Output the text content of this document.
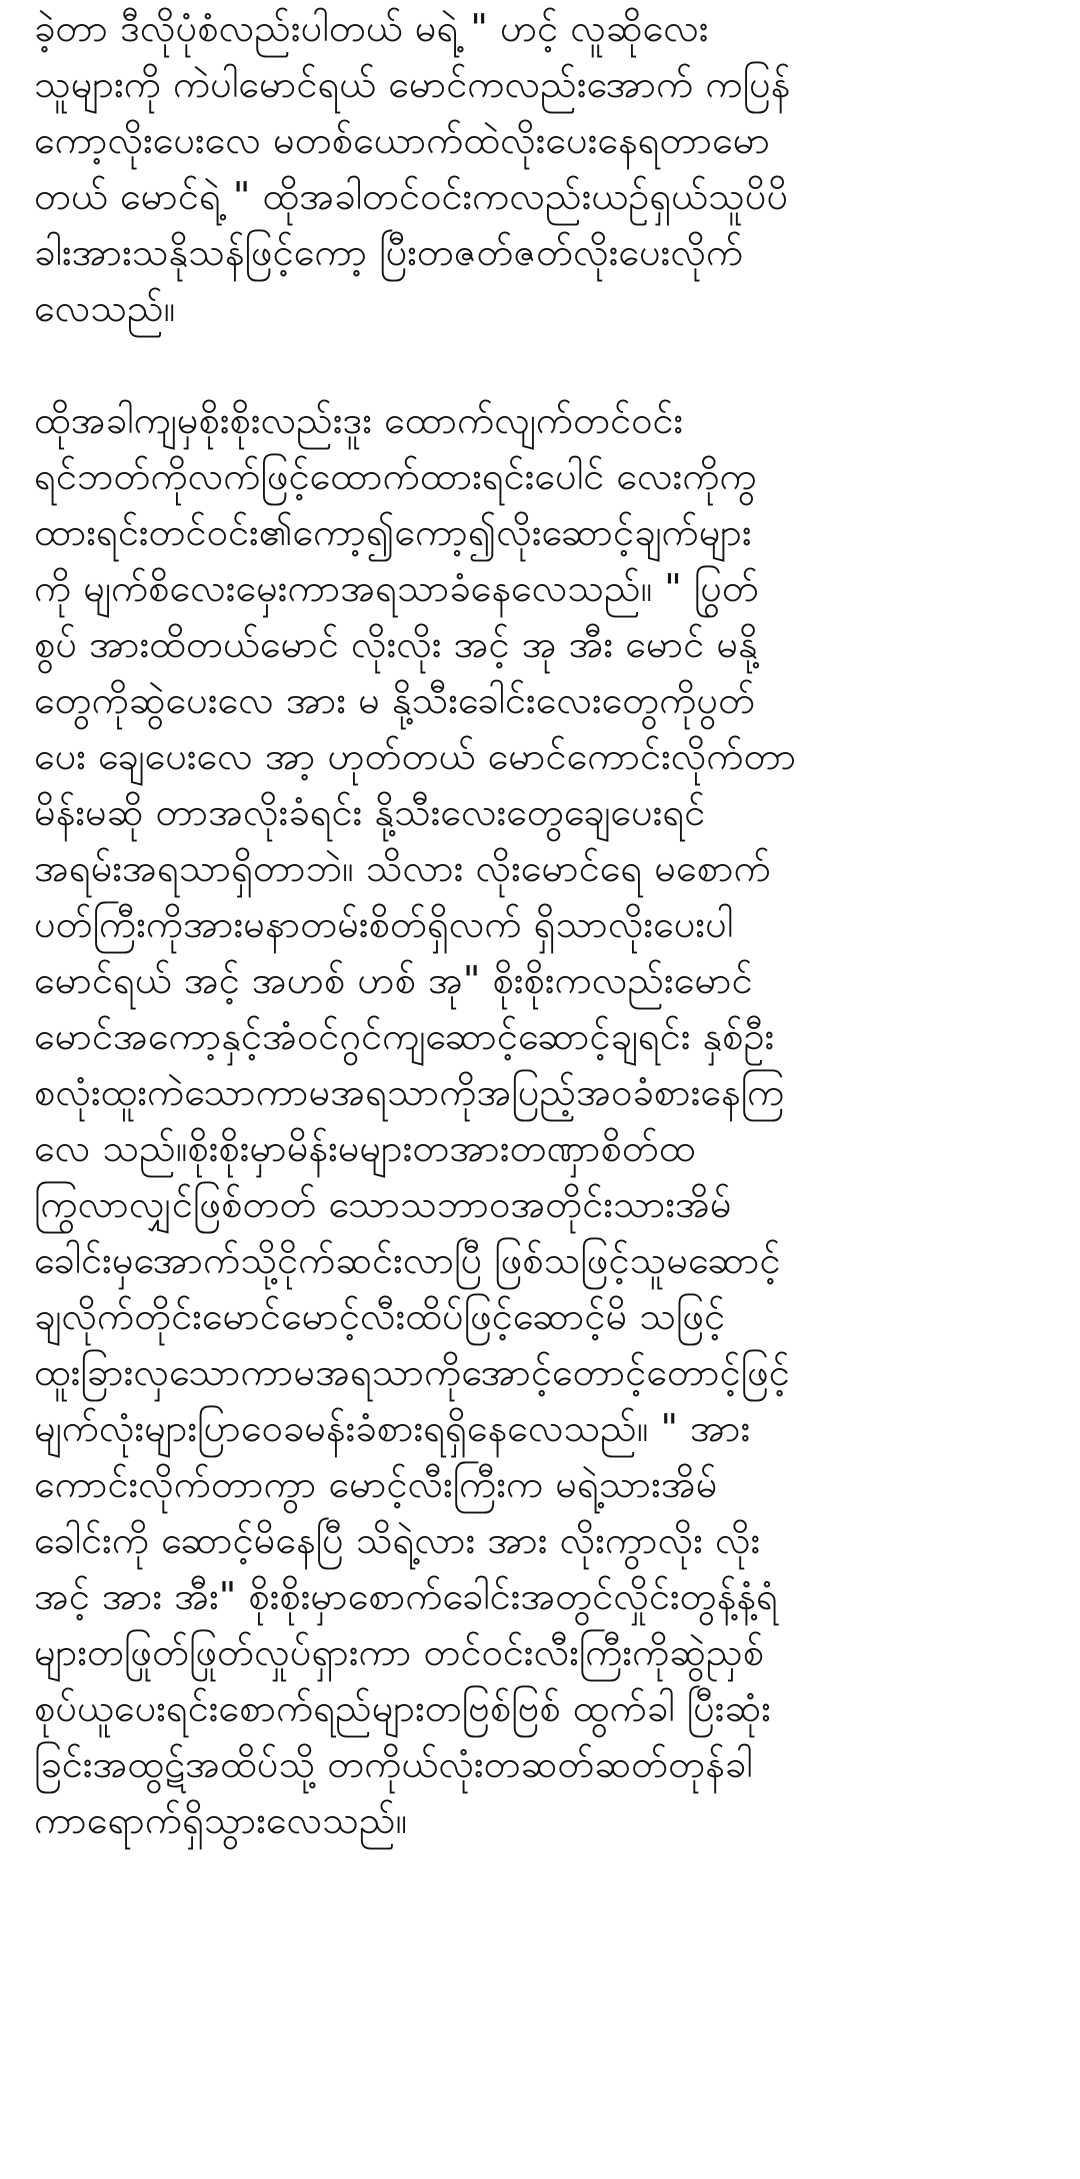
ခဲ့တာ ဒီလိုပုံစံလည်းပါတယ် မရဲ့ " ဟင့် လူဆိုလေး
သူများကို ကဲပါမောင်ရယ် မောင်ကလည်းအောက် ကပြန်
ကော့လိုးပေးလေ မတစ်ယောက်ထဲလိုးပေးနေရတာမော
တယ် မောင်ရဲ့ " ထိုအခါတင်ဝင်းကလည်းယဉ်ရှယ်သူပိပိ
ခါးအားသနိုသန်ဖြင့်ကော့ ပြီးတဇတ်ဇတ်လိုးပေးလိုက်
လေသည်။

ထိုအခါကျမှစိုးစိုးလည်းဒူး ထောက်လျက်တင်ဝင်း
ရင်ဘတ်ကိုလက်ဖြင့်ထောက်ထားရင်းပေါင် လေးကိုကွ
ထားရင်းတင်ဝင်း၏ကော့၍ကော့၍လိုးဆောင့်ချက်များ
ကို မျက်စိလေးမှေးကာအရသာခံနေလေသည်။ " ပြွတ်
စွပ် အားထိတယ်မောင် လိုးလိုး အင့် အု အီး မောင် မနို့
တွေကိုဆွဲပေးလေ အား မ နို့သီးခေါင်းလေးတွေကိုပွတ်
ပေး ချေပေးလေ အာ့ ဟုတ်တယ် မောင်ကောင်းလိုက်တာ
မိန်းမဆို တာအလိုးခံရင်း နို့သီးလေးတွေချေပေးရင်
အရမ်းအရသာရှိတာဘဲ။ သိလား လိုးမောင်ရေ မစောက်
ပတ်ကြီးကိုအားမနာတမ်းစိတ်ရှိလက် ရှိသာလိုးပေးပါ
မောင်ရယ် အင့် အဟစ် ဟစ် အု" စိုးစိုးကလည်းမောင်
မောင်အကော့နှင့်အံဝင်ဂွင်ကျဆောင့်ဆောင့်ချရင်း နှစ်ဦး
စလုံးထူးကဲသောကာမအရသာကိုအပြည့်အဝခံစားနေကြ
လေ သည်။စိုးစိုးမှာမိန်းမများတအားတဏှာစိတ်ထ
ကြွလာလျှင်ဖြစ်တတ် သောသဘာဝအတိုင်းသားအိမ်
ခေါင်းမှအောက်သို့ငိုက်ဆင်းလာပြီ ဖြစ်သဖြင့်သူမဆောင့်
ချလိုက်တိုင်းမောင်မောင့်လီးထိပ်ဖြင့်ဆောင့်မိ သဖြင့်
ထူးခြားလှသောကာမအရသာကိုအောင့်တောင့်တောင့်ဖြင့်
မျက်လုံးများပြာဝေခမန်းခံစားရရှိနေလေသည်။ " အား
ကောင်းလိုက်တာကွာ မောင့်လီးကြီးက မရဲ့သားအိမ်
ခေါင်းကို ဆောင့်မိနေပြီ သိရဲ့လား အား လိုးကွာလိုး လိုး
အင့် အား အီး" စိုးစိုးမှာစောက်ခေါင်းအတွင်လှိုင်းတွန့်နံ့ရံ
များတဖြုတ်ဖြုတ်လှုပ်ရှားကာ တင်ဝင်းလီးကြီးကိုဆွဲညှစ်
စုပ်ယူပေးရင်းစောက်ရည်များတဗြစ်ဗြစ် ထွက်ခါ ပြီးဆုံး
ခြင်းအထွဋ်အထိပ်သို့ တကိုယ်လုံးတဆတ်ဆတ်တုန်ခါ
ကာရောက်ရှိသွားလေသည်။
